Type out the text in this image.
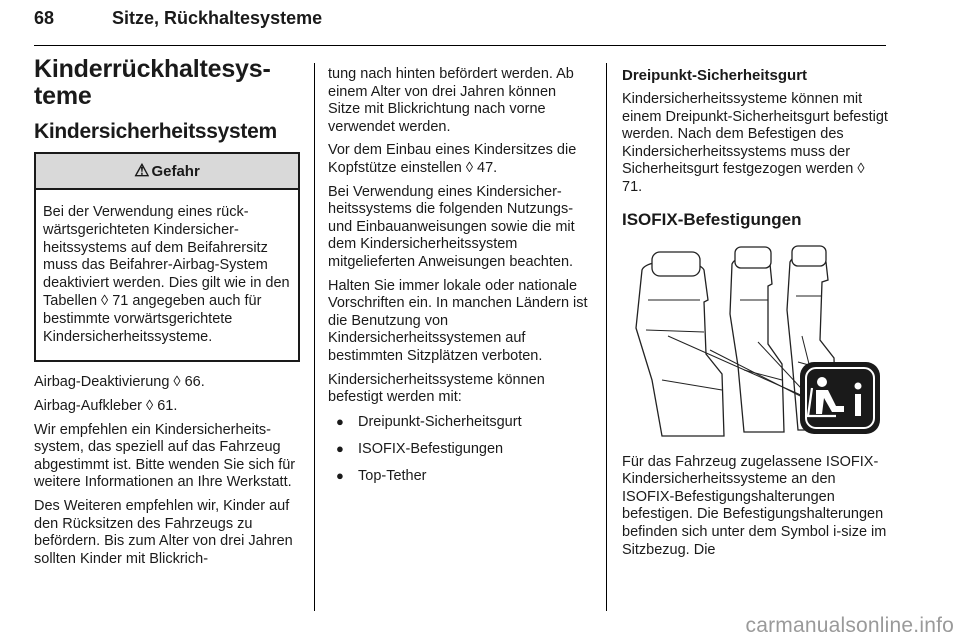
68	Sitze, Rückhaltesysteme
Kinderrückhaltesys-
teme
Kindersicherheitssystem
⚠ Gefahr
Bei der Verwendung eines rückwärtsgerichteten Kindersicherheitssystems auf dem Beifahrersitz muss das Beifahrer-Airbag-System deaktiviert werden. Dies gilt wie in den Tabellen ◊ 71 angegeben auch für bestimmte vorwärtsgerichtete Kindersicherheitssysteme.

Airbag-Deaktivierung ◊ 66.

Airbag-Aufkleber ◊ 61.

Wir empfehlen ein Kindersicherheitssystem, das speziell auf das Fahrzeug abgestimmt ist. Bitte wenden Sie sich für weitere Informationen an Ihre Werkstatt.

Des Weiteren empfehlen wir, Kinder auf den Rücksitzen des Fahrzeugs zu befördern. Bis zum Alter von drei Jahren sollten Kinder mit Blickrich-

tung nach hinten befördert werden. Ab einem Alter von drei Jahren können Sitze mit Blickrichtung nach vorne verwendet werden.

Vor dem Einbau eines Kindersitzes die Kopfstütze einstellen ◊ 47.

Bei Verwendung eines Kindersicherheitssystems die folgenden Nutzungs- und Einbauanweisungen sowie die mit dem Kindersicherheitssystem mitgelieferten Anweisungen beachten.

Halten Sie immer lokale oder nationale Vorschriften ein. In manchen Ländern ist die Benutzung von Kindersicherheitssystemen auf bestimmten Sitzplätzen verboten.

Kindersicherheitssysteme können befestigt werden mit:

● Dreipunkt-Sicherheitsgurt
● ISOFIX-Befestigungen
● Top-Tether
Dreipunkt-Sicherheitsgurt

Kindersicherheitssysteme können mit einem Dreipunkt-Sicherheitsgurt befestigt werden. Nach dem Befestigen des Kindersicherheitssystems muss der Sicherheitsgurt festgezogen werden ◊ 71.

ISOFIX-Befestigungen

Für das Fahrzeug zugelassene ISOFIX-Kindersicherheitssysteme an den ISOFIX-Befestigungshalterungen befestigen. Die Befestigungshalterungen befinden sich unter dem Symbol i-size im Sitzbezug. Die

carmanualsonline.info
